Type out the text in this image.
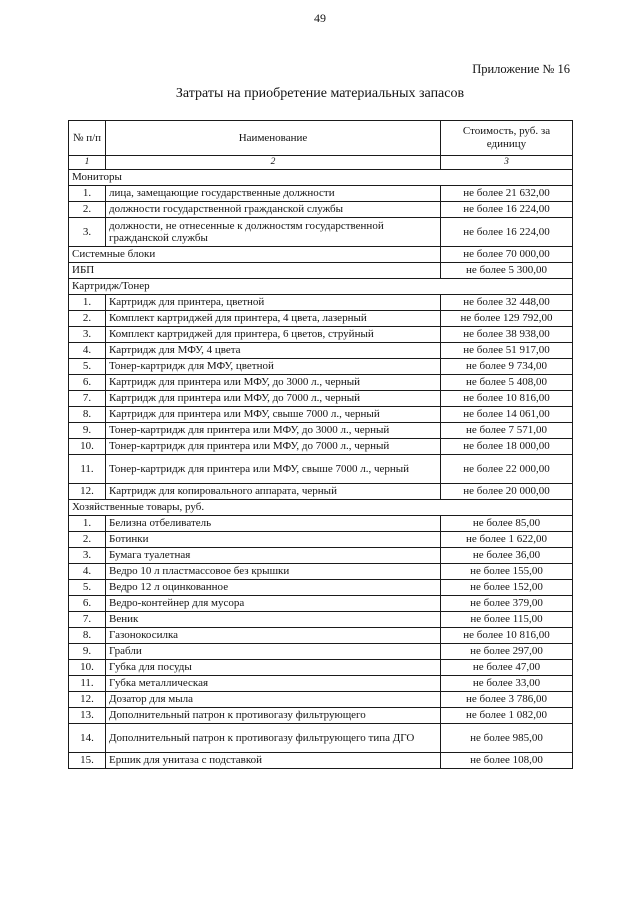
49
Приложение № 16
Затраты на приобретение материальных запасов
№ п/п	Наименование	Стоимость, руб. за единицу
1	2	3
Мониторы		
1.	лица, замещающие государственные должности	не более 21 632,00
2.	должности государственной гражданской службы	не более 16 224,00
3.	должности, не отнесенные к должностям государственной гражданской службы	не более 16 224,00
Системные блоки		не более 70 000,00
ИБП		не более 5 300,00
Картридж/Тонер		
1.	Картридж для принтера, цветной	не более 32 448,00
2.	Комплект картриджей для принтера, 4 цвета, лазерный	не более 129 792,00
3.	Комплект картриджей для принтера, 6 цветов, струйный	не более 38 938,00
4.	Картридж для МФУ, 4 цвета	не более 51 917,00
5.	Тонер-картридж для МФУ, цветной	не более 9 734,00
6.	Картридж для принтера или МФУ, до 3000 л., черный	не более 5 408,00
7.	Картридж для принтера или МФУ, до 7000 л., черный	не более 10 816,00
8.	Картридж для принтера или МФУ, свыше 7000 л., черный	не более 14 061,00
9.	Тонер-картридж для принтера или МФУ, до 3000 л., черный	не более 7 571,00
10.	Тонер-картридж для принтера или МФУ, до 7000 л., черный	не более 18 000,00
11.	Тонер-картридж для принтера или МФУ, свыше 7000 л., черный	не более 22 000,00
12.	Картридж для копировального аппарата, черный	не более 20 000,00
Хозяйственные товары, руб.		
1.	Белизна отбеливатель	не более 85,00
2.	Ботинки	не более 1 622,00
3.	Бумага туалетная	не более 36,00
4.	Ведро 10 л пластмассовое без крышки	не более 155,00
5.	Ведро 12 л оцинкованное	не более 152,00
6.	Ведро-контейнер для мусора	не более 379,00
7.	Веник	не более 115,00
8.	Газонокосилка	не более 10 816,00
9.	Грабли	не более 297,00
10.	Губка для посуды	не более 47,00
11.	Губка металлическая	не более 33,00
12.	Дозатор для мыла	не более 3 786,00
13.	Дополнительный патрон к противогазу фильтрующего	не более 1 082,00
14.	Дополнительный патрон к противогазу фильтрующего типа ДГО	не более 985,00
15.	Ершик для унитаза с подставкой	не более 108,00
